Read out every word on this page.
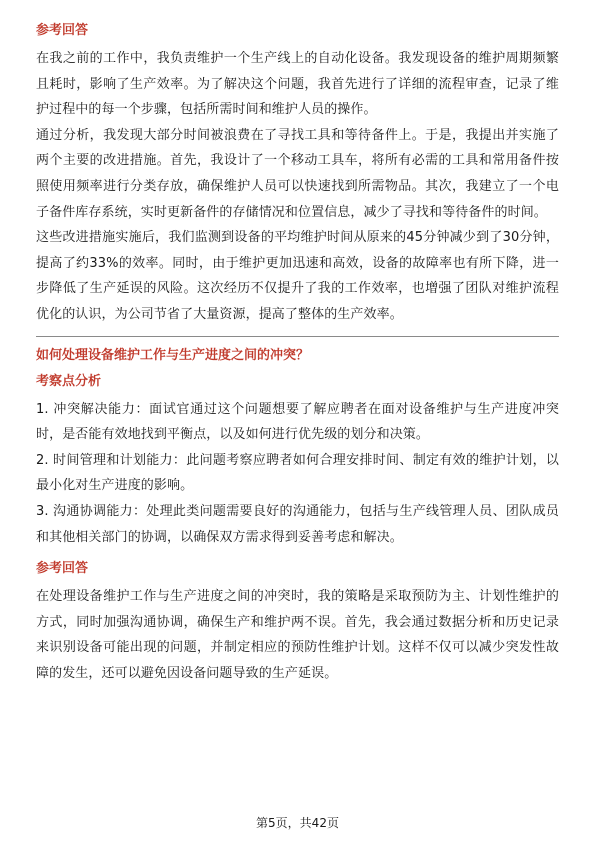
参考回答

在我之前的工作中，我负责维护一个生产线上的自动化设备。我发现设备的维护周期频繁且耗时，影响了生产效率。为了解决这个问题，我首先进行了详细的流程审查，记录了维护过程中的每一个步骤，包括所需时间和维护人员的操作。

通过分析，我发现大部分时间被浪费在了寻找工具和等待备件上。于是，我提出并实施了两个主要的改进措施。首先，我设计了一个移动工具车，将所有必需的工具和常用备件按照使用频率进行分类存放，确保维护人员可以快速找到所需物品。其次，我建立了一个电子备件库存系统，实时更新备件的存储情况和位置信息，减少了寻找和等待备件的时间。

这些改进措施实施后，我们监测到设备的平均维护时间从原来的45分钟减少到了30分钟，提高了约33%的效率。同时，由于维护更加迅速和高效，设备的故障率也有所下降，进一步降低了生产延误的风险。这次经历不仅提升了我的工作效率，也增强了团队对维护流程优化的认识，为公司节省了大量资源，提高了整体的生产效率。

如何处理设备维护工作与生产进度之间的冲突？

考察点分析

1. 冲突解决能力：面试官通过这个问题想要了解应聘者在面对设备维护与生产进度冲突时，是否能有效地找到平衡点，以及如何进行优先级的划分和决策。

2. 时间管理和计划能力：此问题考察应聘者如何合理安排时间、制定有效的维护计划，以最小化对生产进度的影响。

3. 沟通协调能力：处理此类问题需要良好的沟通能力，包括与生产线管理人员、团队成员和其他相关部门的协调，以确保双方需求得到妥善考虑和解决。

参考回答

在处理设备维护工作与生产进度之间的冲突时，我的策略是采取预防为主、计划性维护的方式，同时加强沟通协调，确保生产和维护两不误。首先，我会通过数据分析和历史记录来识别设备可能出现的问题，并制定相应的预防性维护计划。这样不仅可以减少突发性故障的发生，还可以避免因设备问题导致的生产延误。

第5页，共42页
